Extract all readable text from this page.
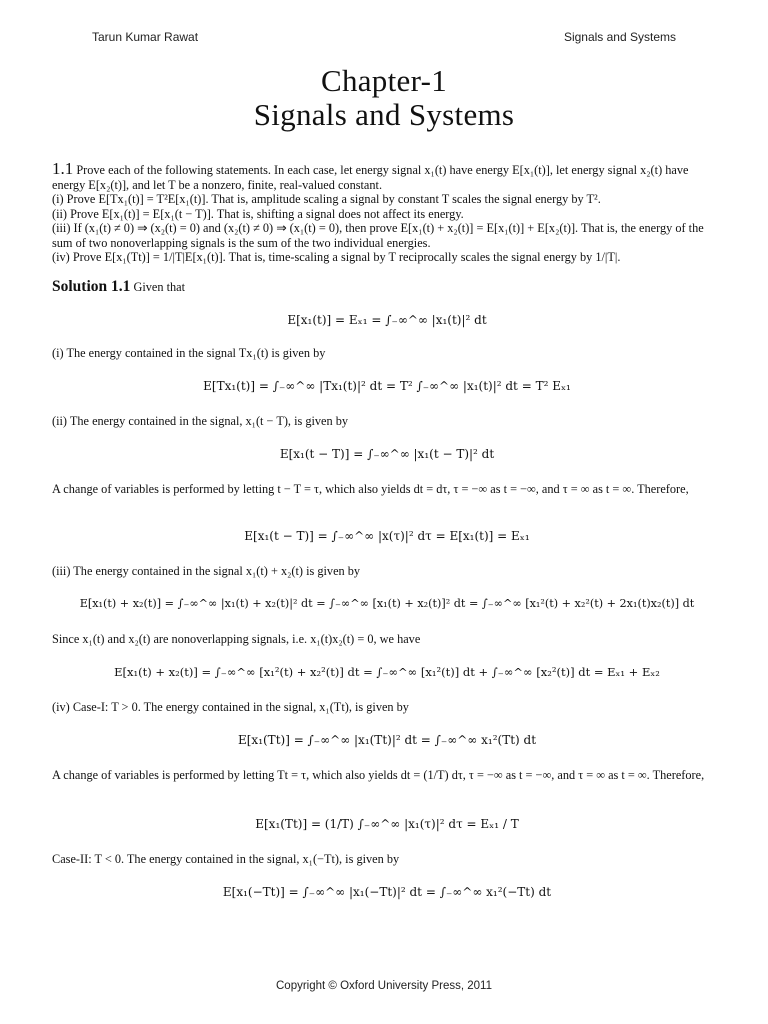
Tarun Kumar Rawat	Signals and Systems
Chapter-1
Signals and Systems

1.1 Prove each of the following statements. In each case, let energy signal x₁(t) have energy E[x₁(t)], let energy signal x₂(t) have energy E[x₂(t)], and let T be a nonzero, finite, real-valued constant.

(i) Prove E[Tx₁(t)] = T²E[x₁(t)]. That is, amplitude scaling a signal by constant T scales the signal energy by T².

(ii) Prove E[x₁(t)] = E[x₁(t − T)]. That is, shifting a signal does not affect its energy.

(iii) If (x₁(t) ≠ 0) ⇒ (x₂(t) = 0) and (x₂(t) ≠ 0) ⇒ (x₁(t) = 0), then prove E[x₁(t) + x₂(t)] = E[x₁(t)] + E[x₂(t)]. That is, the energy of the sum of two nonoverlapping signals is the sum of the two individual energies.

(iv) Prove E[x₁(Tt)] = 1/|T|E[x₁(t)]. That is, time-scaling a signal by T reciprocally scales the signal energy by 1/|T|.

Solution 1.1 Given that
E[x₁(t)] = Eₓ₁ = ∫₋∞^∞ |x₁(t)|² dt
(i) The energy contained in the signal Tx₁(t) is given by
E[Tx₁(t)] = ∫₋∞^∞ |Tx₁(t)|² dt = T² ∫₋∞^∞ |x₁(t)|² dt = T² Eₓ₁
(ii) The energy contained in the signal, x₁(t − T), is given by
E[x₁(t − T)] = ∫₋∞^∞ |x₁(t − T)|² dt
A change of variables is performed by letting t − T = τ, which also yields dt = dτ, τ = −∞ as t = −∞, and τ = ∞ as t = ∞. Therefore,
E[x₁(t − T)] = ∫₋∞^∞ |x(τ)|² dτ = E[x₁(t)] = Eₓ₁
(iii) The energy contained in the signal x₁(t) + x₂(t) is given by
E[x₁(t) + x₂(t)] = ∫₋∞^∞ |x₁(t) + x₂(t)|² dt = ∫₋∞^∞ [x₁(t) + x₂(t)]² dt = ∫₋∞^∞ [x₁²(t) + x₂²(t) + 2x₁(t)x₂(t)] dt
Since x₁(t) and x₂(t) are nonoverlapping signals, i.e. x₁(t)x₂(t) = 0, we have
E[x₁(t) + x₂(t)] = ∫₋∞^∞ [x₁²(t) + x₂²(t)] dt = ∫₋∞^∞ [x₁²(t)] dt + ∫₋∞^∞ [x₂²(t)] dt = Eₓ₁ + Eₓ₂
(iv) Case-I: T > 0. The energy contained in the signal, x₁(Tt), is given by
E[x₁(Tt)] = ∫₋∞^∞ |x₁(Tt)|² dt = ∫₋∞^∞ x₁²(Tt) dt
A change of variables is performed by letting Tt = τ, which also yields dt = (1/T) dτ, τ = −∞ as t = −∞, and τ = ∞ as t = ∞. Therefore,
E[x₁(Tt)] = (1/T) ∫₋∞^∞ |x₁(τ)|² dτ = Eₓ₁ / T
Case-II: T < 0. The energy contained in the signal, x₁(−Tt), is given by
E[x₁(−Tt)] = ∫₋∞^∞ |x₁(−Tt)|² dt = ∫₋∞^∞ x₁²(−Tt) dt
Copyright © Oxford University Press, 2011
